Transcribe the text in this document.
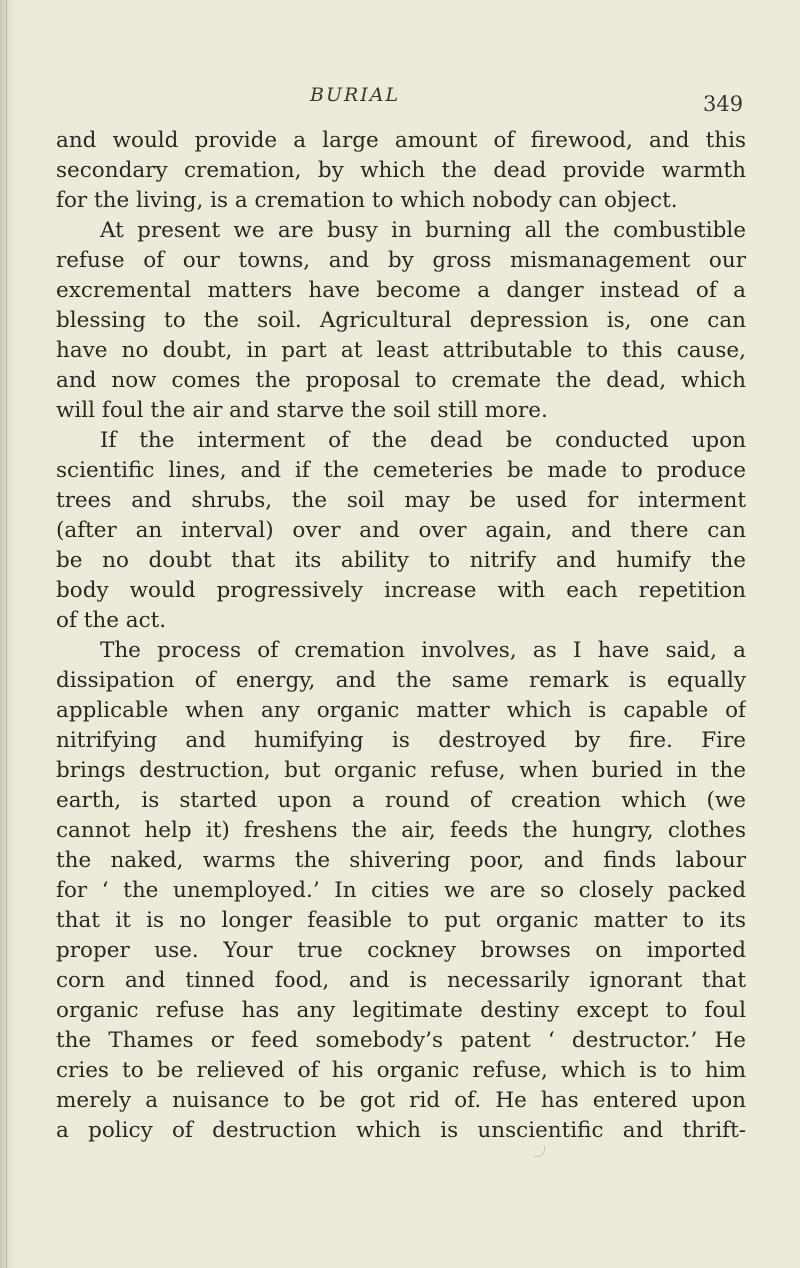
BURIAL	349
and would provide a large amount of firewood, and this
secondary cremation, by which the dead provide warmth
for the living, is a cremation to which nobody can object.
At present we are busy in burning all the combustible
refuse of our towns, and by gross mismanagement our
excremental matters have become a danger instead of a
blessing to the soil. Agricultural depression is, one can
have no doubt, in part at least attributable to this cause,
and now comes the proposal to cremate the dead, which
will foul the air and starve the soil still more.
If the interment of the dead be conducted upon
scientific lines, and if the cemeteries be made to produce
trees and shrubs, the soil may be used for interment
(after an interval) over and over again, and there can
be no doubt that its ability to nitrify and humify the
body would progressively increase with each repetition
of the act.
The process of cremation involves, as I have said, a
dissipation of energy, and the same remark is equally
applicable when any organic matter which is capable of
nitrifying and humifying is destroyed by fire. Fire
brings destruction, but organic refuse, when buried in the
earth, is started upon a round of creation which (we
cannot help it) freshens the air, feeds the hungry, clothes
the naked, warms the shivering poor, and finds labour
for ‘ the unemployed.’ In cities we are so closely packed
that it is no longer feasible to put organic matter to its
proper use. Your true cockney browses on imported
corn and tinned food, and is necessarily ignorant that
organic refuse has any legitimate destiny except to foul
the Thames or feed somebody’s patent ‘ destructor.’ He
cries to be relieved of his organic refuse, which is to him
merely a nuisance to be got rid of. He has entered upon
a policy of destruction which is unscientific and thrift-
